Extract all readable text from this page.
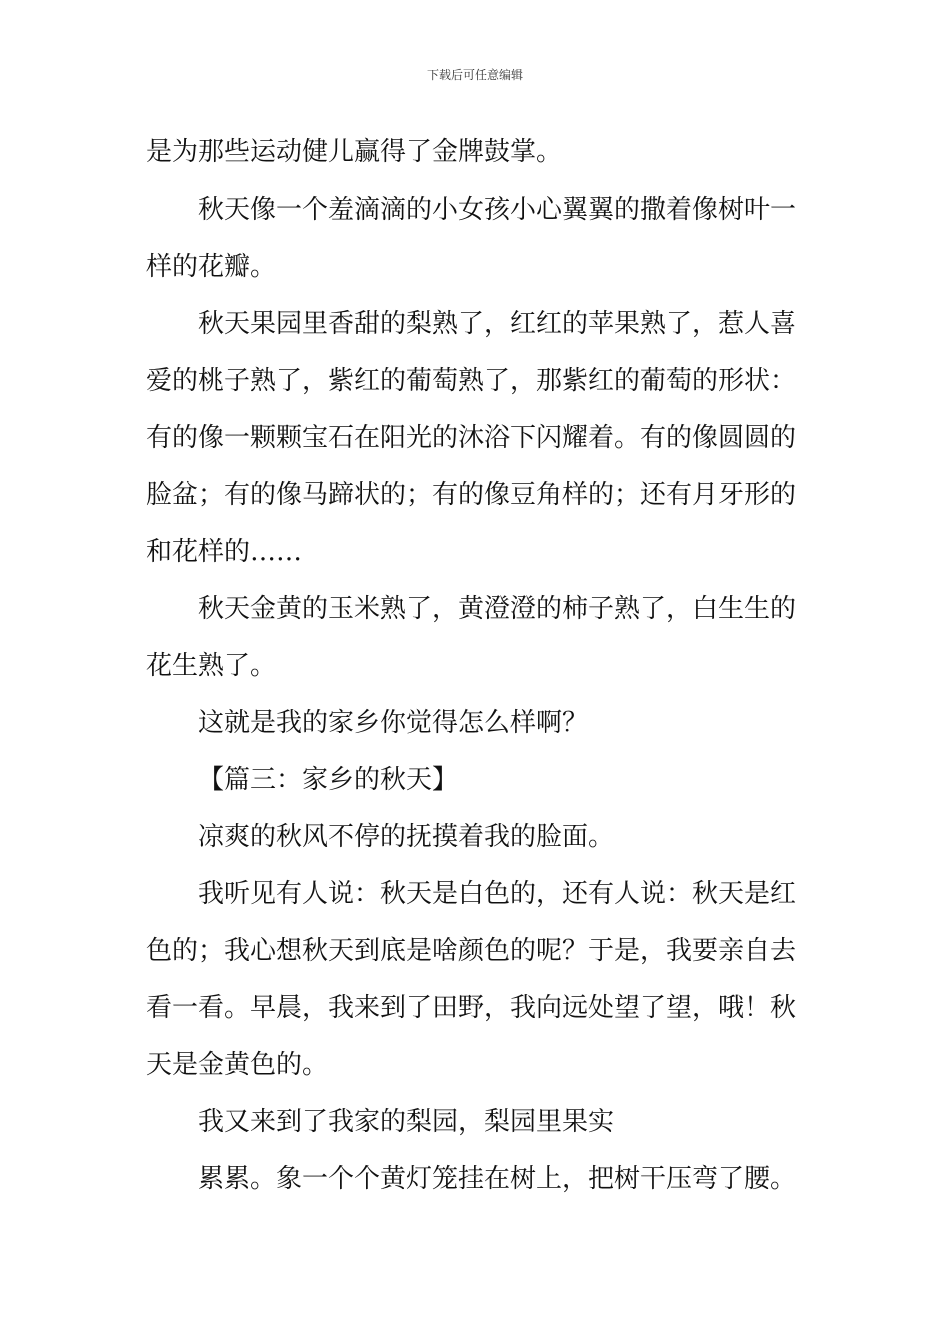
下载后可任意编辑
是为那些运动健儿赢得了金牌鼓掌。
秋天像一个羞滴滴的小女孩小心翼翼的撒着像树叶一
样的花瓣。
秋天果园里香甜的梨熟了，红红的苹果熟了，惹人喜
爱的桃子熟了，紫红的葡萄熟了，那紫红的葡萄的形状：
有的像一颗颗宝石在阳光的沐浴下闪耀着。有的像圆圆的
脸盆；有的像马蹄状的；有的像豆角样的；还有月牙形的
和花样的……
秋天金黄的玉米熟了，黄澄澄的柿子熟了，白生生的
花生熟了。
这就是我的家乡你觉得怎么样啊？
【篇三：家乡的秋天】
凉爽的秋风不停的抚摸着我的脸面。
我听见有人说：秋天是白色的，还有人说：秋天是红
色的；我心想秋天到底是啥颜色的呢？于是，我要亲自去
看一看。早晨，我来到了田野，我向远处望了望，哦！秋
天是金黄色的。
我又来到了我家的梨园，梨园里果实
累累。象一个个黄灯笼挂在树上，把树干压弯了腰。
